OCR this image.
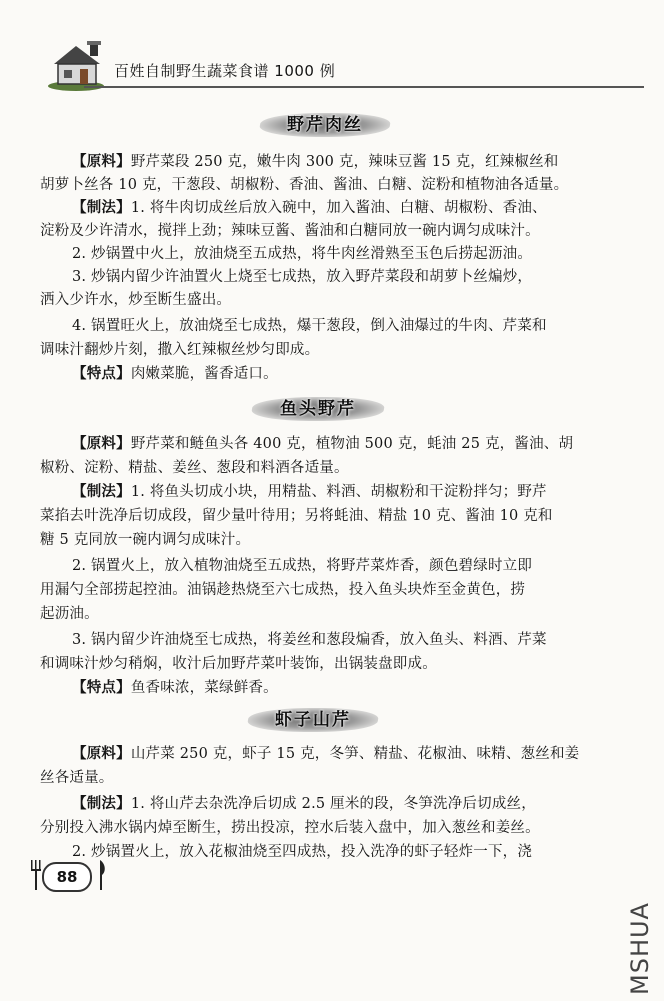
百姓自制野生蔬菜食谱 1000 例
野芹肉丝
【原料】野芹菜段 250 克，嫩牛肉 300 克，辣味豆酱 15 克，红辣椒丝和
胡萝卜丝各 10 克，干葱段、胡椒粉、香油、酱油、白糖、淀粉和植物油各适量。
【制法】1. 将牛肉切成丝后放入碗中，加入酱油、白糖、胡椒粉、香油、
淀粉及少许清水，搅拌上劲；辣味豆酱、酱油和白糖同放一碗内调匀成味汁。
2. 炒锅置中火上，放油烧至五成热，将牛肉丝滑熟至玉色后捞起沥油。
3. 炒锅内留少许油置火上烧至七成热，放入野芹菜段和胡萝卜丝煸炒，
洒入少许水，炒至断生盛出。
4. 锅置旺火上，放油烧至七成热，爆干葱段，倒入油爆过的牛肉、芹菜和
调味汁翻炒片刻，撒入红辣椒丝炒匀即成。
【特点】肉嫩菜脆，酱香适口。
鱼头野芹
【原料】野芹菜和鲢鱼头各 400 克，植物油 500 克，蚝油 25 克，酱油、胡
椒粉、淀粉、精盐、姜丝、葱段和料酒各适量。
【制法】1. 将鱼头切成小块，用精盐、料酒、胡椒粉和干淀粉拌匀；野芹
菜掐去叶洗净后切成段，留少量叶待用；另将蚝油、精盐 10 克、酱油 10 克和
糖 5 克同放一碗内调匀成味汁。
2. 锅置火上，放入植物油烧至五成热，将野芹菜炸香，颜色碧绿时立即
用漏勺全部捞起控油。油锅趁热烧至六七成热，投入鱼头块炸至金黄色，捞
起沥油。
3. 锅内留少许油烧至七成热，将姜丝和葱段煸香，放入鱼头、料酒、芹菜
和调味汁炒匀稍焖，收汁后加野芹菜叶装饰，出锅装盘即成。
【特点】鱼香味浓，菜绿鲜香。
虾子山芹
【原料】山芹菜 250 克，虾子 15 克，冬笋、精盐、花椒油、味精、葱丝和姜
丝各适量。
【制法】1. 将山芹去杂洗净后切成 2.5 厘米的段，冬笋洗净后切成丝，
分别投入沸水锅内焯至断生，捞出投凉，控水后装入盘中，加入葱丝和姜丝。
2. 炒锅置火上，放入花椒油烧至四成热，投入洗净的虾子轻炸一下，浇
88
MSHUA
